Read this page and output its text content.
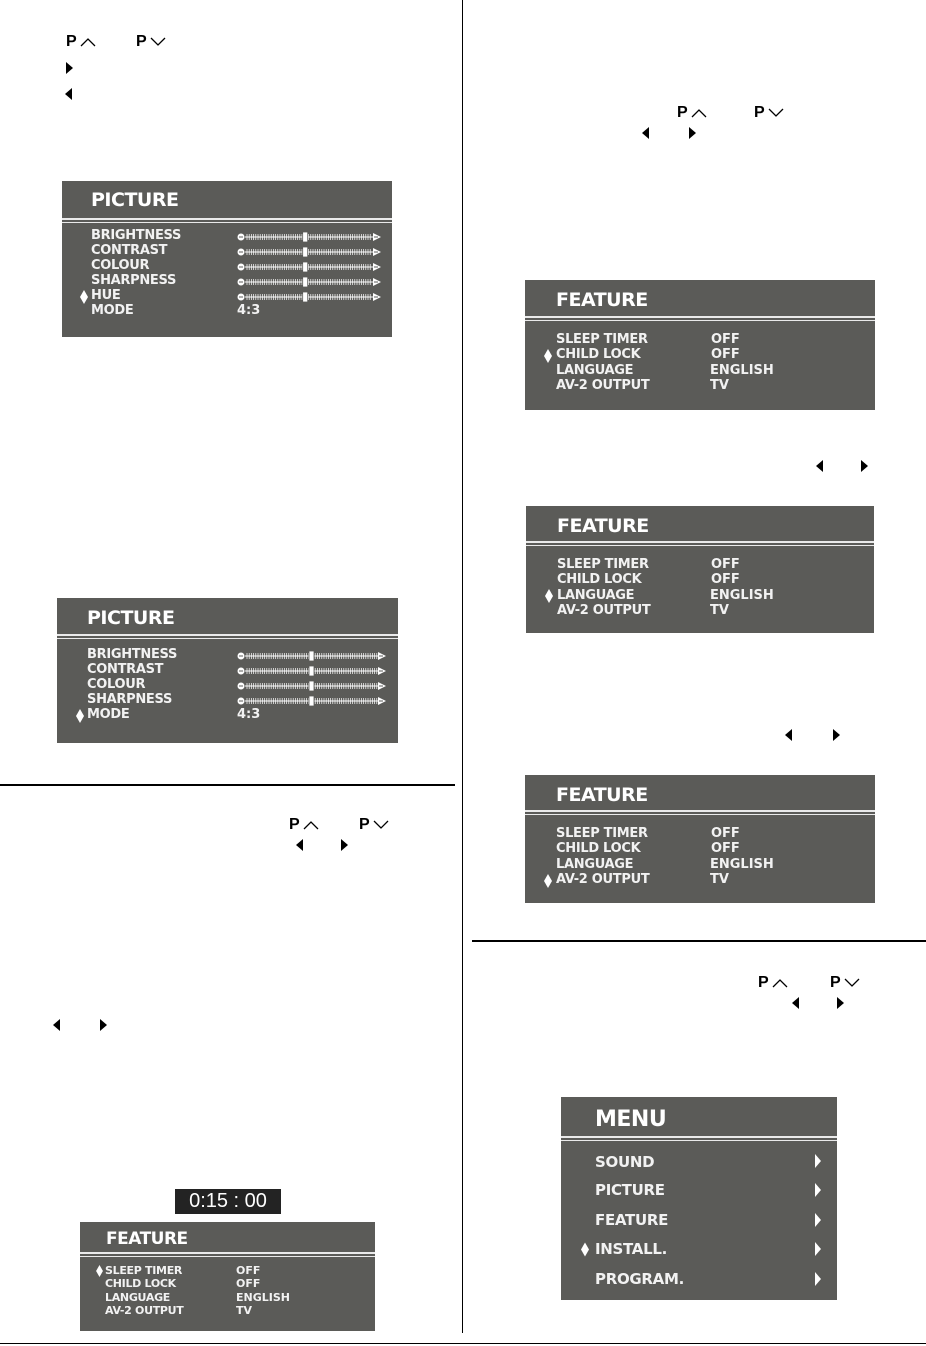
P	P
P	P
P	P
P	P
PICTURE
BRIGHTNESS
CONTRAST
COLOUR
SHARPNESS
HUE
MODE	4:3
PICTURE
BRIGHTNESS
CONTRAST
COLOUR
SHARPNESS
MODE	4:3
FEATURE
SLEEP TIMER	OFF
CHILD LOCK	OFF
LANGUAGE	ENGLISH
AV-2 OUTPUT	TV
FEATURE
SLEEP TIMER	OFF
CHILD LOCK	OFF
LANGUAGE	ENGLISH
AV-2 OUTPUT	TV
FEATURE
SLEEP TIMER	OFF
CHILD LOCK	OFF
LANGUAGE	ENGLISH
AV-2 OUTPUT	TV
0:15 : 00
FEATURE
SLEEP TIMER	OFF
CHILD LOCK	OFF
LANGUAGE	ENGLISH
AV-2 OUTPUT	TV
MENU
SOUND
PICTURE
FEATURE
INSTALL.
PROGRAM.
